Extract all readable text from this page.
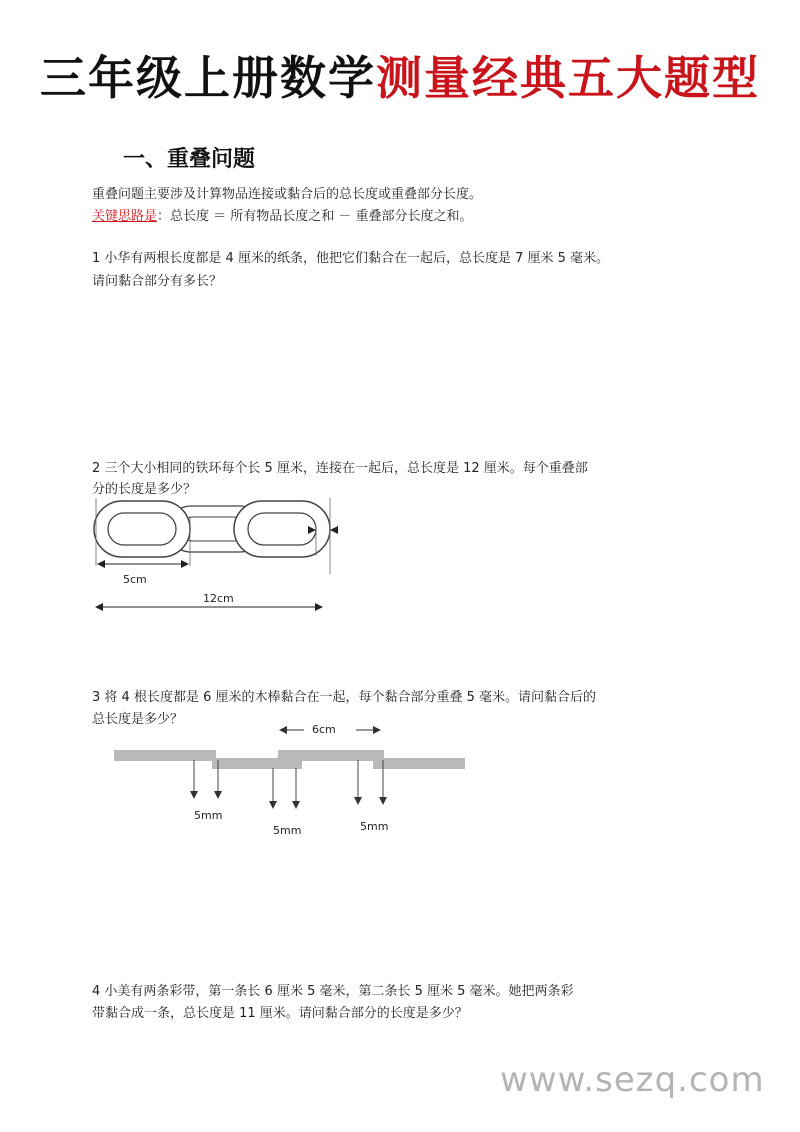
三年级上册数学测量经典五大题型
一、重叠问题
重叠问题主要涉及计算物品连接或黏合后的总长度或重叠部分长度。
关键思路是：总长度 ＝ 所有物品长度之和 － 重叠部分长度之和。
1 小华有两根长度都是 4 厘米的纸条，他把它们黏合在一起后，总长度是 7 厘米 5 毫米。
请问黏合部分有多长？
2 三个大小相同的铁环每个长 5 厘米，连接在一起后，总长度是 12 厘米。每个重叠部
分的长度是多少？
5cm
12cm
3 将 4 根长度都是 6 厘米的木棒黏合在一起，每个黏合部分重叠 5 毫米。请问黏合后的
总长度是多少？
6cm
5mm
5mm	5mm
4 小美有两条彩带，第一条长 6 厘米 5 毫米，第二条长 5 厘米 5 毫米。她把两条彩
带黏合成一条，总长度是 11 厘米。请问黏合部分的长度是多少？
www.sezq.com
